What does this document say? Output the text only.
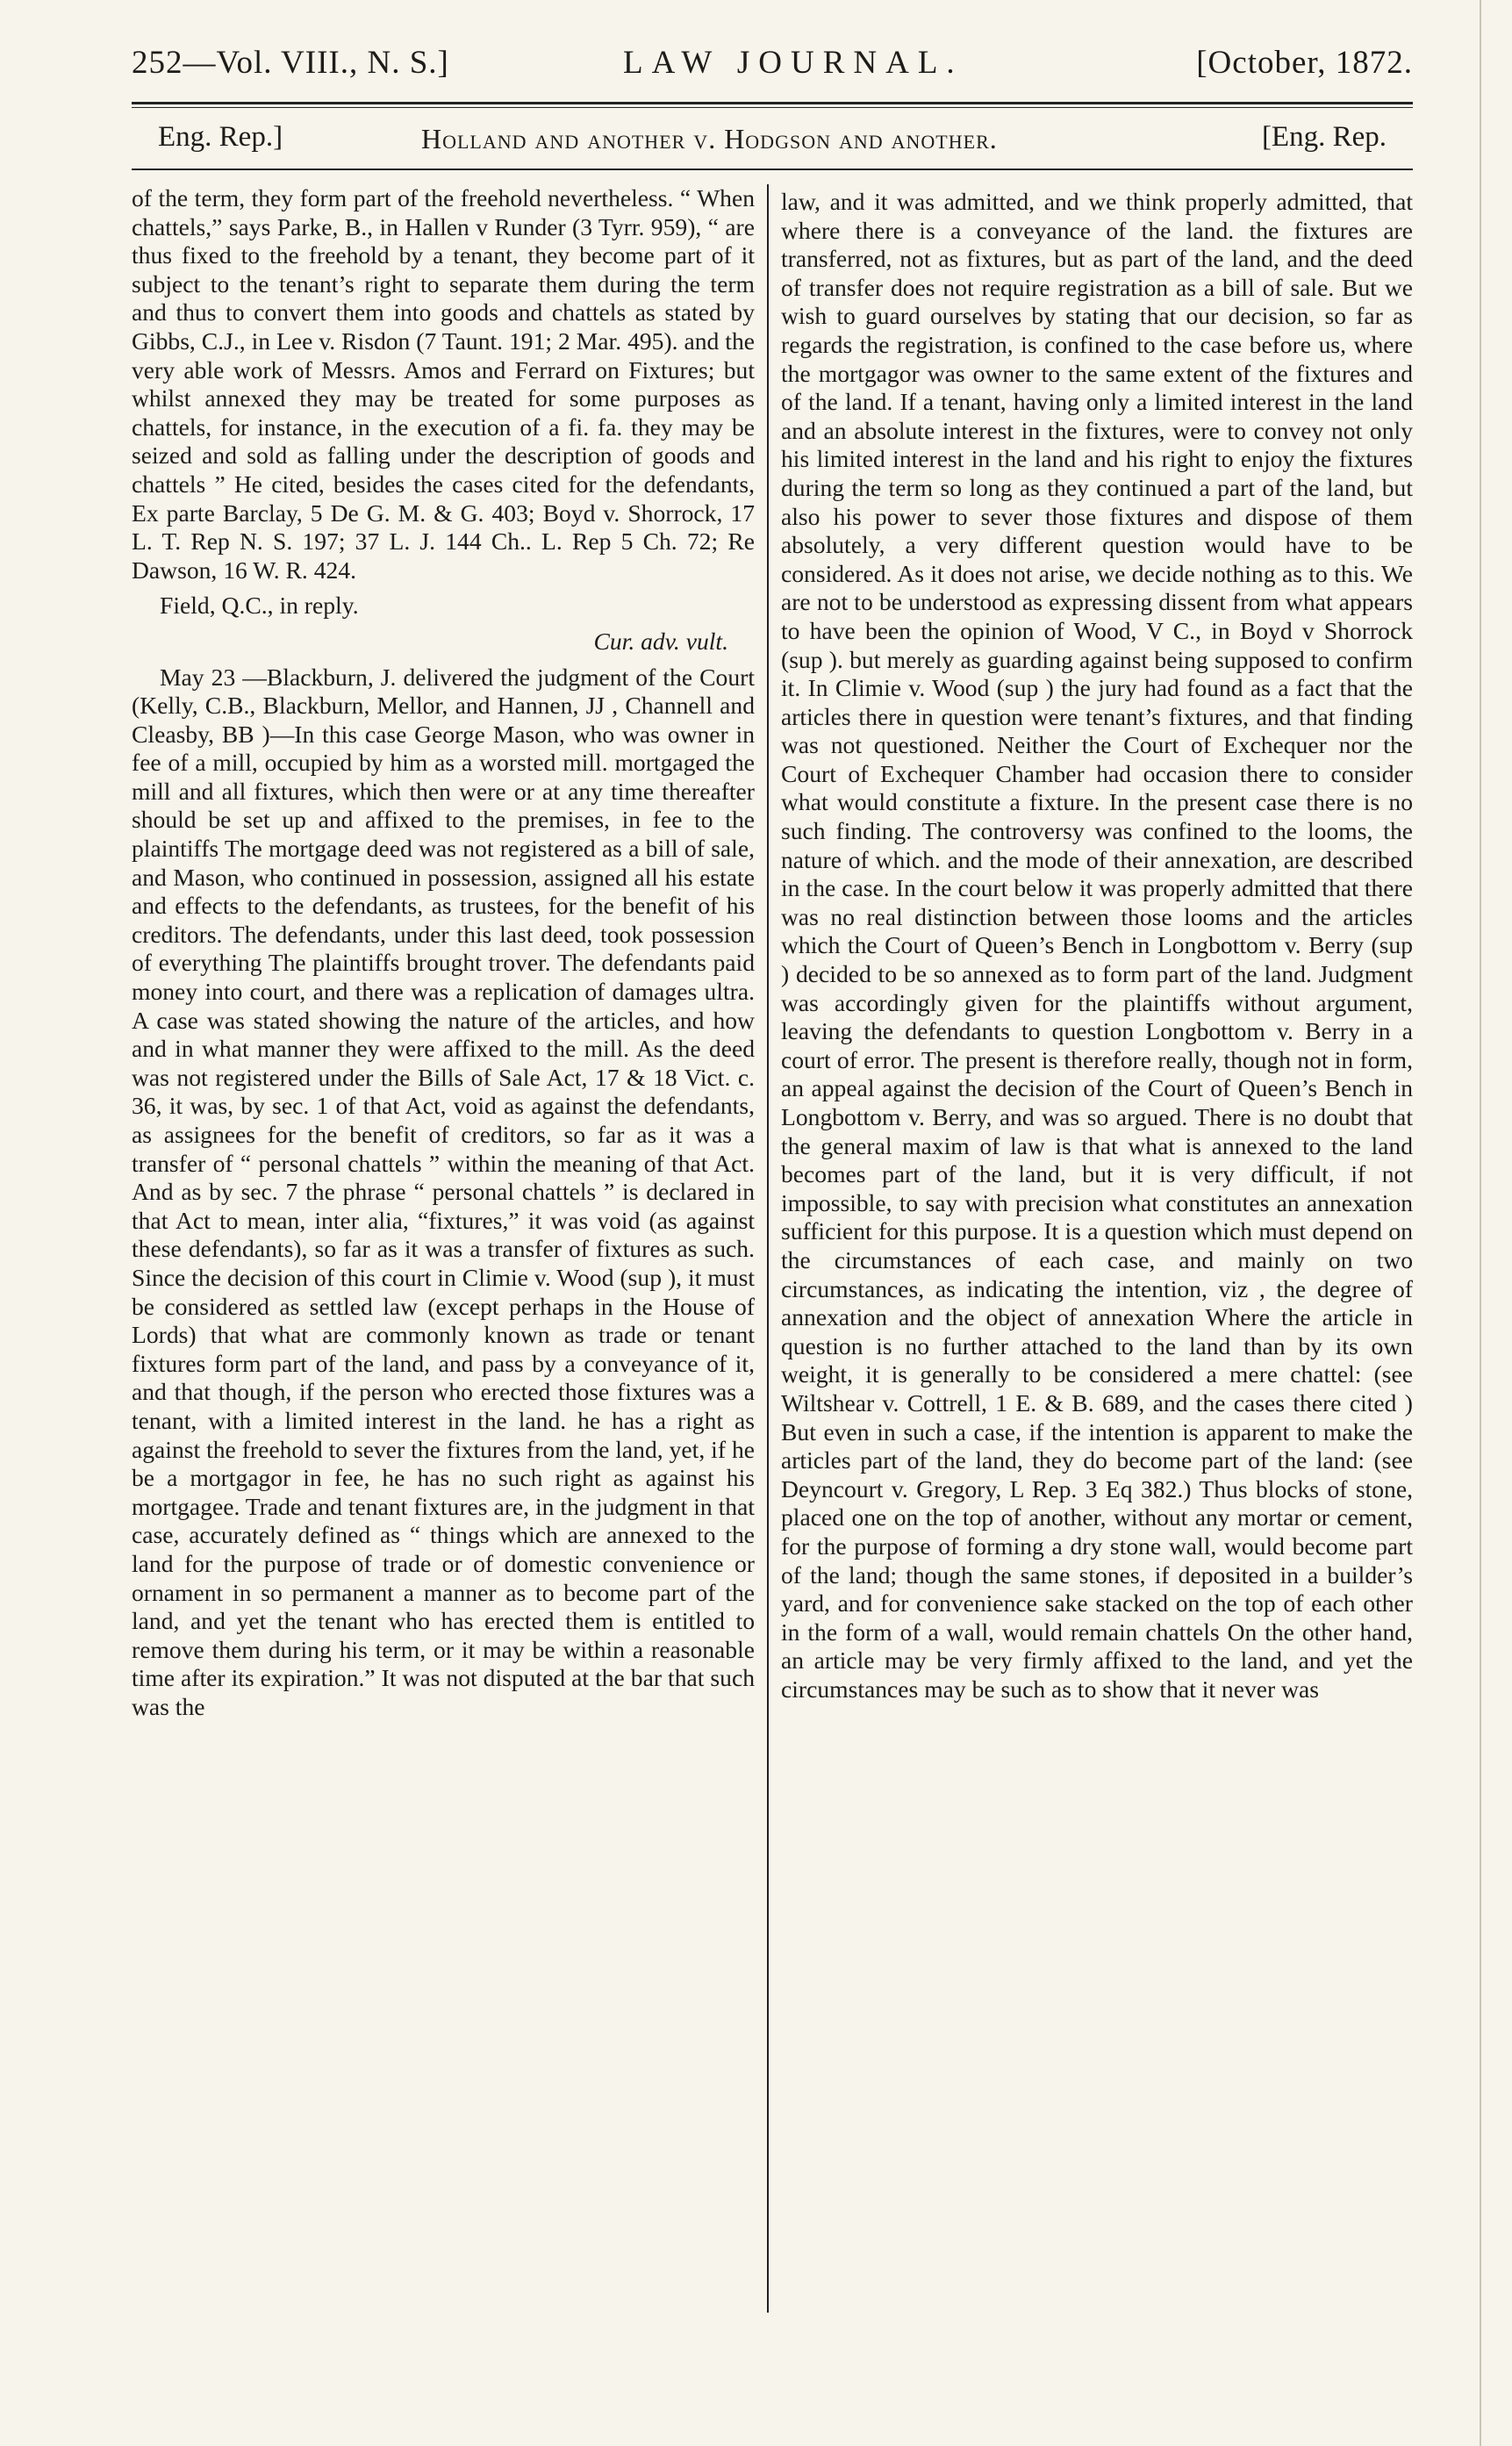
252—Vol. VIII., N. S.]	LAW JOURNAL.	[October, 1872.
Eng. Rep.]	Holland and another v. Hodgson and another.	[Eng. Rep.

of the term, they form part of the freehold nevertheless. “ When chattels,” says Parke, B., in Hallen v Runder (3 Tyrr. 959), “ are thus fixed to the freehold by a tenant, they become part of it subject to the tenant’s right to separate them during the term and thus to convert them into goods and chattels as stated by Gibbs, C.J., in Lee v. Risdon (7 Taunt. 191; 2 Mar. 495). and the very able work of Messrs. Amos and Ferrard on Fixtures; but whilst annexed they may be treated for some purposes as chattels, for instance, in the execution of a fi. fa. they may be seized and sold as falling under the description of goods and chattels ” He cited, besides the cases cited for the defendants, Ex parte Barclay, 5 De G. M. & G. 403; Boyd v. Shorrock, 17 L. T. Rep N. S. 197; 37 L. J. 144 Ch.. L. Rep 5 Ch. 72; Re Dawson, 16 W. R. 424.

Field, Q.C., in reply.

Cur. adv. vult.

May 23 —Blackburn, J. delivered the judgment of the Court (Kelly, C.B., Blackburn, Mellor, and Hannen, JJ , Channell and Cleasby, BB )—In this case George Mason, who was owner in fee of a mill, occupied by him as a worsted mill. mortgaged the mill and all fixtures, which then were or at any time thereafter should be set up and affixed to the premises, in fee to the plaintiffs The mortgage deed was not registered as a bill of sale, and Mason, who continued in possession, assigned all his estate and effects to the defendants, as trustees, for the benefit of his creditors. The defendants, under this last deed, took possession of everything The plaintiffs brought trover. The defendants paid money into court, and there was a replication of damages ultra. A case was stated showing the nature of the articles, and how and in what manner they were affixed to the mill. As the deed was not registered under the Bills of Sale Act, 17 & 18 Vict. c. 36, it was, by sec. 1 of that Act, void as against the defendants, as assignees for the benefit of creditors, so far as it was a transfer of “ personal chattels ” within the meaning of that Act. And as by sec. 7 the phrase “ personal chattels ” is declared in that Act to mean, inter alia, “fixtures,” it was void (as against these defendants), so far as it was a transfer of fixtures as such. Since the decision of this court in Climie v. Wood (sup ), it must be considered as settled law (except perhaps in the House of Lords) that what are commonly known as trade or tenant fixtures form part of the land, and pass by a conveyance of it, and that though, if the person who erected those fixtures was a tenant, with a limited interest in the land. he has a right as against the freehold to sever the fixtures from the land, yet, if he be a mortgagor in fee, he has no such right as against his mortgagee. Trade and tenant fixtures are, in the judgment in that case, accurately defined as “ things which are annexed to the land for the purpose of trade or of domestic convenience or ornament in so permanent a manner as to become part of the land, and yet the tenant who has erected them is entitled to remove them during his term, or it may be within a reasonable time after its expiration.” It was not disputed at the bar that such was the

law, and it was admitted, and we think properly admitted, that where there is a conveyance of the land. the fixtures are transferred, not as fixtures, but as part of the land, and the deed of transfer does not require registration as a bill of sale. But we wish to guard ourselves by stating that our decision, so far as regards the registration, is confined to the case before us, where the mortgagor was owner to the same extent of the fixtures and of the land. If a tenant, having only a limited interest in the land and an absolute interest in the fixtures, were to convey not only his limited interest in the land and his right to enjoy the fixtures during the term so long as they continued a part of the land, but also his power to sever those fixtures and dispose of them absolutely, a very different question would have to be considered. As it does not arise, we decide nothing as to this. We are not to be understood as expressing dissent from what appears to have been the opinion of Wood, V C., in Boyd v Shorrock (sup ). but merely as guarding against being supposed to confirm it. In Climie v. Wood (sup ) the jury had found as a fact that the articles there in question were tenant’s fixtures, and that finding was not questioned. Neither the Court of Exchequer nor the Court of Exchequer Chamber had occasion there to consider what would constitute a fixture. In the present case there is no such finding. The controversy was confined to the looms, the nature of which. and the mode of their annexation, are described in the case. In the court below it was properly admitted that there was no real distinction between those looms and the articles which the Court of Queen’s Bench in Longbottom v. Berry (sup ) decided to be so annexed as to form part of the land. Judgment was accordingly given for the plaintiffs without argument, leaving the defendants to question Longbottom v. Berry in a court of error. The present is therefore really, though not in form, an appeal against the decision of the Court of Queen’s Bench in Longbottom v. Berry, and was so argued. There is no doubt that the general maxim of law is that what is annexed to the land becomes part of the land, but it is very difficult, if not impossible, to say with precision what constitutes an annexation sufficient for this purpose. It is a question which must depend on the circumstances of each case, and mainly on two circumstances, as indicating the intention, viz , the degree of annexation and the object of annexation Where the article in question is no further attached to the land than by its own weight, it is generally to be considered a mere chattel: (see Wiltshear v. Cottrell, 1 E. & B. 689, and the cases there cited ) But even in such a case, if the intention is apparent to make the articles part of the land, they do become part of the land: (see Deyncourt v. Gregory, L Rep. 3 Eq 382.) Thus blocks of stone, placed one on the top of another, without any mortar or cement, for the purpose of forming a dry stone wall, would become part of the land; though the same stones, if deposited in a builder’s yard, and for convenience sake stacked on the top of each other in the form of a wall, would remain chattels On the other hand, an article may be very firmly affixed to the land, and yet the circumstances may be such as to show that it never was
